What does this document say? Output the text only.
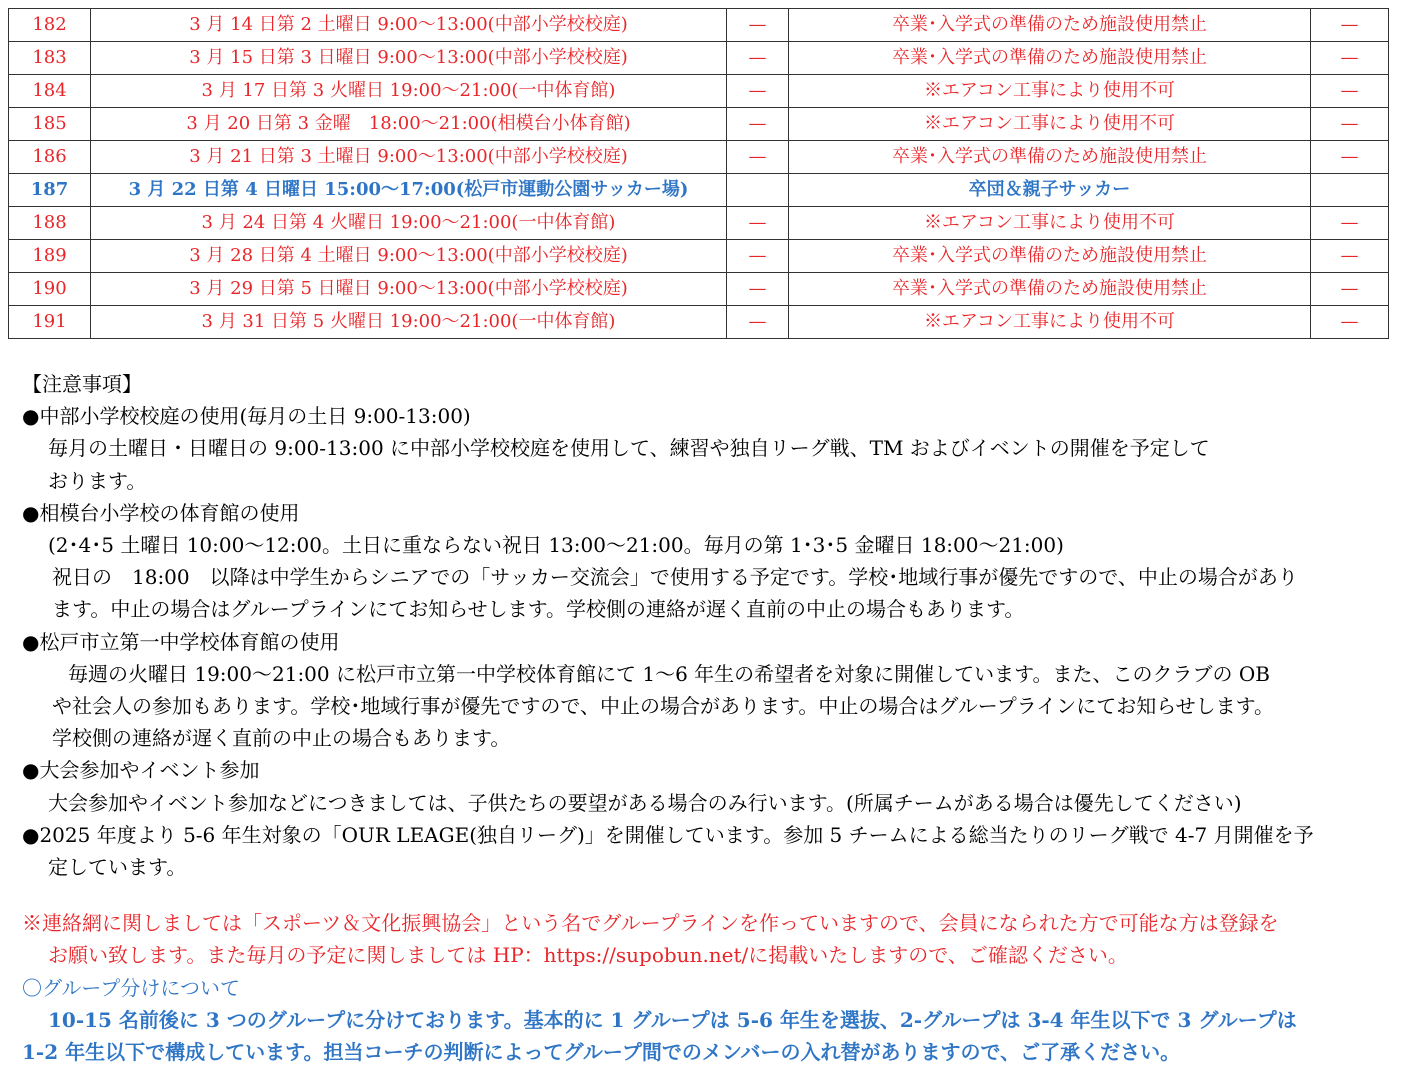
182	3 月 14 日第 2 土曜日 9:00～13:00(中部小学校校庭)	—	卒業･入学式の準備のため施設使用禁止	—
183	3 月 15 日第 3 日曜日 9:00～13:00(中部小学校校庭)	—	卒業･入学式の準備のため施設使用禁止	—
184	3 月 17 日第 3 火曜日 19:00～21:00(一中体育館)	—	※エアコン工事により使用不可	—
185	3 月 20 日第 3 金曜　18:00～21:00(相模台小体育館)	—	※エアコン工事により使用不可	—
186	3 月 21 日第 3 土曜日 9:00～13:00(中部小学校校庭)	—	卒業･入学式の準備のため施設使用禁止	—
187	3 月 22 日第 4 日曜日 15:00～17:00(松戸市運動公園サッカー場)		卒団＆親子サッカー	
188	3 月 24 日第 4 火曜日 19:00～21:00(一中体育館)	—	※エアコン工事により使用不可	—
189	3 月 28 日第 4 土曜日 9:00～13:00(中部小学校校庭)	—	卒業･入学式の準備のため施設使用禁止	—
190	3 月 29 日第 5 日曜日 9:00～13:00(中部小学校校庭)	—	卒業･入学式の準備のため施設使用禁止	—
191	3 月 31 日第 5 火曜日 19:00～21:00(一中体育館)	—	※エアコン工事により使用不可	—

【注意事項】

●中部小学校校庭の使用(毎月の土日 9:00-13:00)

毎月の土曜日・日曜日の 9:00-13:00 に中部小学校校庭を使用して、練習や独自リーグ戦、TM およびイベントの開催を予定して

おります。

●相模台小学校の体育館の使用

(2･4･5 土曜日 10:00～12:00。土日に重ならない祝日 13:00～21:00。毎月の第 1･3･5 金曜日 18:00～21:00)

祝日の　18:00　以降は中学生からシニアでの「サッカー交流会」で使用する予定です。学校･地域行事が優先ですので、中止の場合があり

ます。中止の場合はグループラインにてお知らせします。学校側の連絡が遅く直前の中止の場合もあります。

●松戸市立第一中学校体育館の使用

毎週の火曜日 19:00～21:00 に松戸市立第一中学校体育館にて 1～6 年生の希望者を対象に開催しています。また、このクラブの OB

や社会人の参加もあります。学校･地域行事が優先ですので、中止の場合があります。中止の場合はグループラインにてお知らせします。

学校側の連絡が遅く直前の中止の場合もあります。

●大会参加やイベント参加

大会参加やイベント参加などにつきましては、子供たちの要望がある場合のみ行います。(所属チームがある場合は優先してください)

●2025 年度より 5-6 年生対象の「OUR LEAGE(独自リーグ)」を開催しています。参加 5 チームによる総当たりのリーグ戦で 4-7 月開催を予

定しています。

※連絡網に関しましては「スポーツ＆文化振興協会」という名でグループラインを作っていますので、会員になられた方で可能な方は登録を

お願い致します。また毎月の予定に関しましては HP：https://supobun.net/に掲載いたしますので、ご確認ください。

〇グループ分けについて

10-15 名前後に 3 つのグループに分けております。基本的に 1 グループは 5-6 年生を選抜、2-グループは 3-4 年生以下で 3 グループは

1-2 年生以下で構成しています。担当コーチの判断によってグループ間でのメンバーの入れ替がありますので、ご了承ください。
